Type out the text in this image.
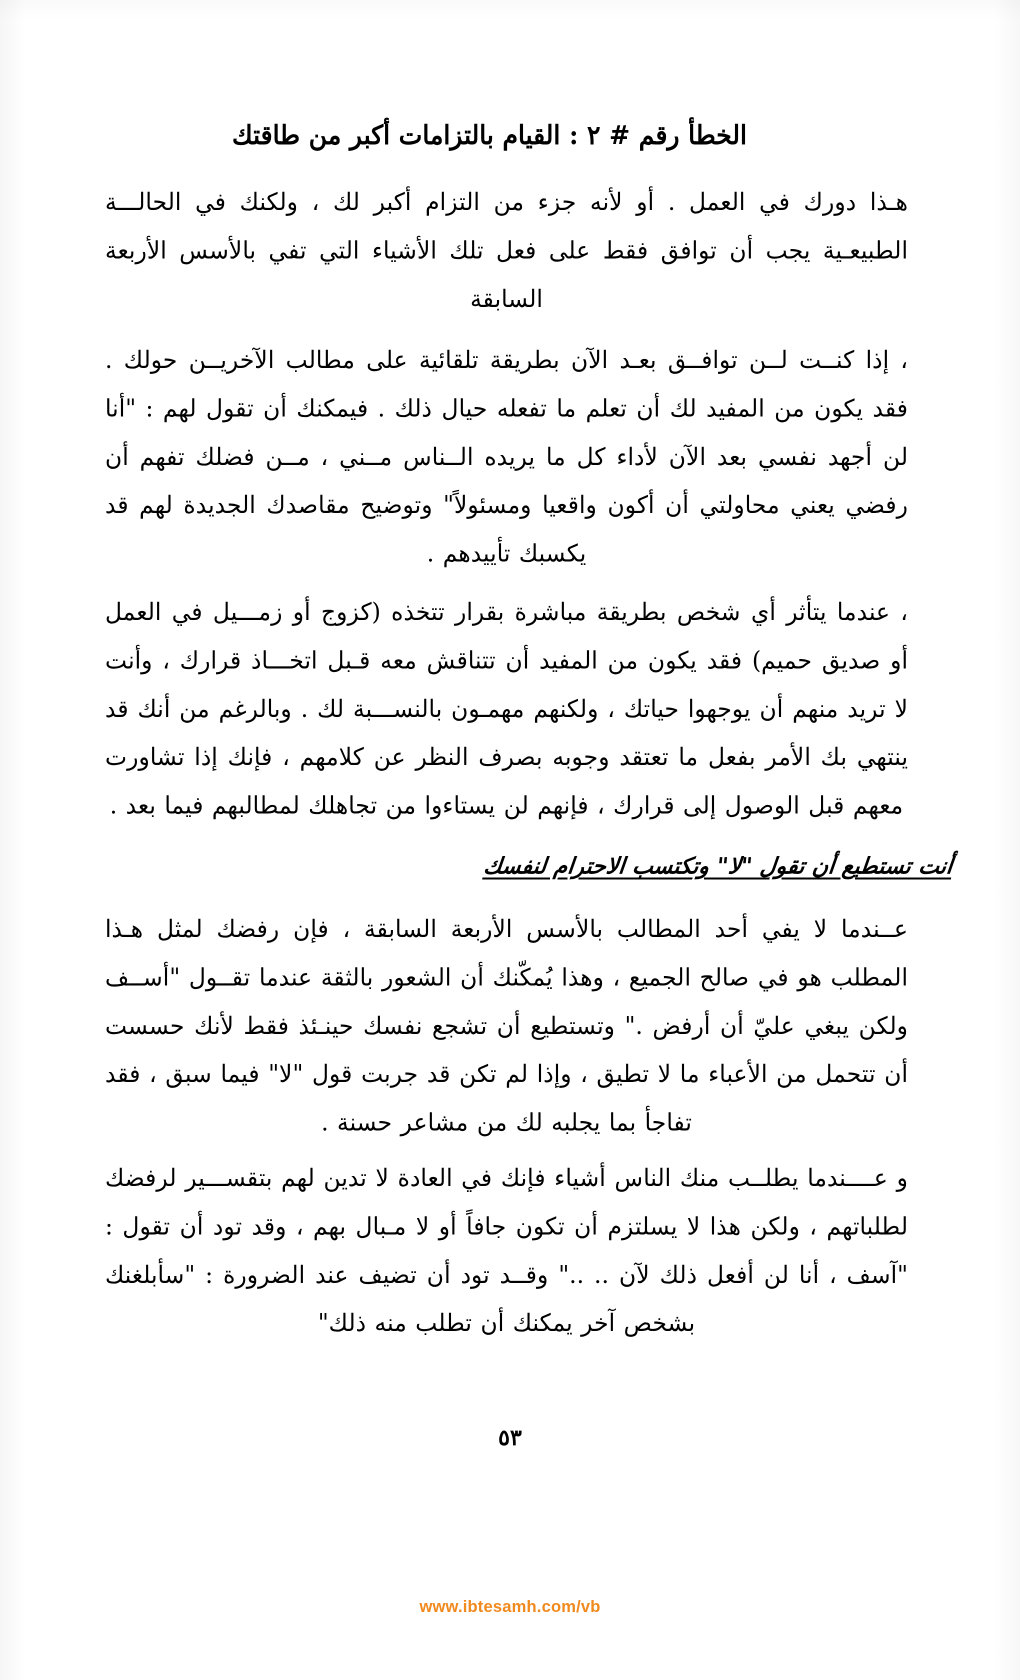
الخطأ رقم # ٢ : القيام بالتزامات أكبر من طاقتك

هـذا دورك في العمل . أو لأنه جزء من التزام أكبر لك ، ولكنك في الحالـــة الطبيعـية يجب أن توافق فقط على فعل تلك الأشياء التي تفي بالأسس الأربعة السابقة

، إذا كنــت لــن توافــق بعـد الآن بطريقة تلقائية على مطالب الآخريــن حولك . فقد يكون من المفيد لك أن تعلم ما تفعله حيال ذلك . فيمكنك أن تقول لهم : "أنا لن أجهد نفسي بعد الآن لأداء كل ما يريده الــناس مــني ، مــن فضلك تفهم أن رفضي يعني محاولتي أن أكون واقعيا ومسئولاً" وتوضيح مقاصدك الجديدة لهم قد يكسبك تأييدهم .

، عندما يتأثر أي شخص بطريقة مباشرة بقرار تتخذه (كزوج أو زمـــيل في العمل أو صديق حميم) فقد يكون من المفيد أن تتناقش معه قـبل اتخـــاذ قرارك ، وأنت لا تريد منهم أن يوجهوا حياتك ، ولكنهم مهمـون بالنســـبة لك . وبالرغم من أنك قد ينتهي بك الأمر بفعل ما تعتقد وجوبه بصرف النظر عن كلامهم ، فإنك إذا تشاورت معهم قبل الوصول إلى قرارك ، فإنهم لن يستاءوا من تجاهلك لمطالبهم فيما بعد .

أنت تستطيع أن تقول "لا" وتكتسب الاحترام لنفسك

عــندما لا يفي أحد المطالب بالأسس الأربعة السابقة ، فإن رفضك لمثل هـذا المطلب هو في صالح الجميع ، وهذا يُمكّنك أن الشعور بالثقة عندما تقــول "أســف ولكن يبغي عليّ أن أرفض ." وتستطيع أن تشجع نفسك حينـئذ فقط لأنك حسست أن تتحمل من الأعباء ما لا تطيق ، وإذا لم تكن قد جربت قول "لا" فيما سبق ، فقد تفاجأ بما يجلبه لك من مشاعر حسنة .

و عــــندما يطلــب منك الناس أشياء فإنك في العادة لا تدين لهم بتقســـير لرفضك لطلباتهم ، ولكن هذا لا يسلتزم أن تكون جافاً أو لا مـبال بهم ، وقد تود أن تقول : "آسف ، أنا لن أفعل ذلك لآن .. .." وقــد تود أن تضيف عند الضرورة : "سأبلغنك بشخص آخر يمكنك أن تطلب منه ذلك"

٥٣
www.ibtesamh.com/vb
